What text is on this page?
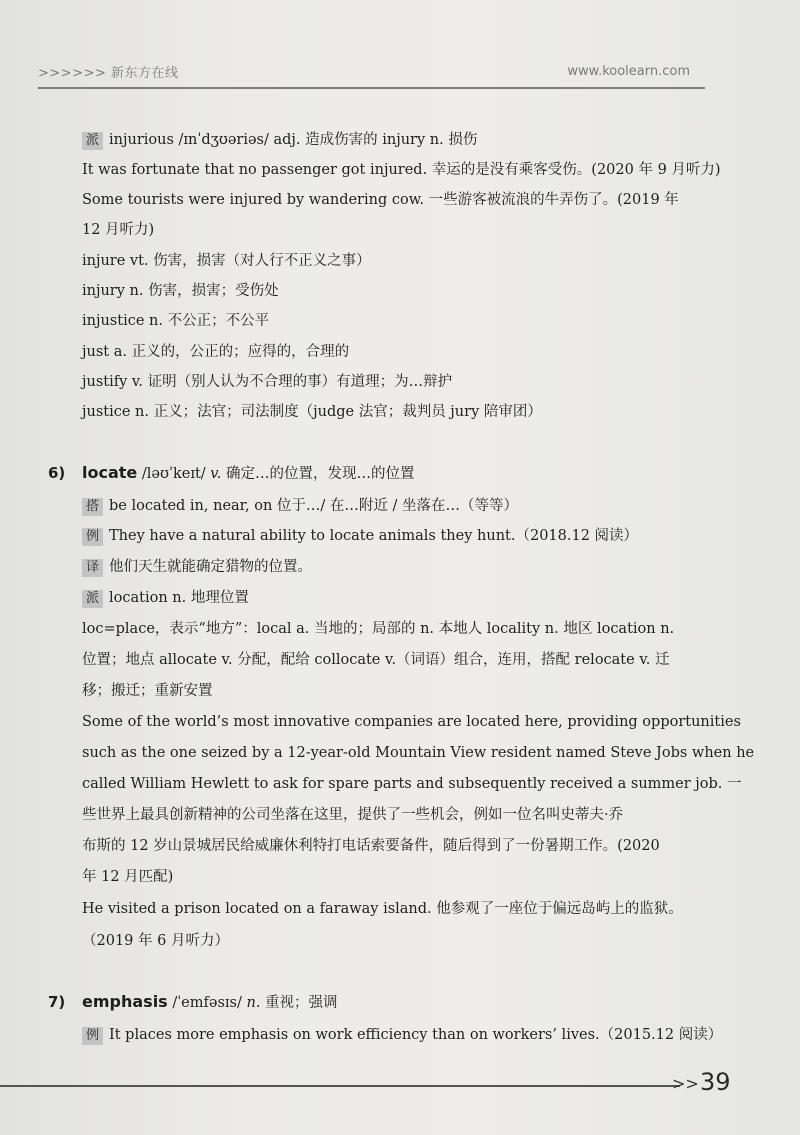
>>>>>> 新东方在线	www.koolearn.com
派 injurious /ɪnˈdʒʊəriəs/ adj. 造成伤害的 injury n. 损伤
It was fortunate that no passenger got injured. 幸运的是没有乘客受伤。(2020 年 9 月听力)
Some tourists were injured by wandering cow. 一些游客被流浪的牛弄伤了。(2019 年
12 月听力)
injure vt. 伤害，损害（对人行不正义之事）
injury n. 伤害，损害；受伤处
injustice n. 不公正；不公平
just a. 正义的，公正的；应得的，合理的
justify v. 证明（别人认为不合理的事）有道理；为…辩护
justice n. 正义；法官；司法制度（judge 法官；裁判员 jury 陪审团）
6) locate /ləʊˈkeɪt/ v. 确定…的位置，发现…的位置
搭 be located in, near, on 位于…/ 在…附近 / 坐落在…（等等）
例 They have a natural ability to locate animals they hunt.（2018.12 阅读）
译 他们天生就能确定猎物的位置。
派 location n. 地理位置
loc=place，表示“地方”：local a. 当地的；局部的 n. 本地人 locality n. 地区 location n.
位置；地点 allocate v. 分配，配给 collocate v.（词语）组合，连用，搭配 relocate v. 迁
移；搬迁；重新安置
Some of the world’s most innovative companies are located here, providing opportunities
such as the one seized by a 12-year-old Mountain View resident named Steve Jobs when he
called William Hewlett to ask for spare parts and subsequently received a summer job. 一
些世界上最具创新精神的公司坐落在这里，提供了一些机会，例如一位名叫史蒂夫·乔
布斯的 12 岁山景城居民给威廉休利特打电话索要备件，随后得到了一份暑期工作。(2020
年 12 月匹配)
He visited a prison located on a faraway island. 他参观了一座位于偏远岛屿上的监狱。
（2019 年 6 月听力）
7) emphasis /ˈemfəsɪs/ n. 重视；强调
例 It places more emphasis on work efficiency than on workers’ lives.（2015.12 阅读）
>> 39
